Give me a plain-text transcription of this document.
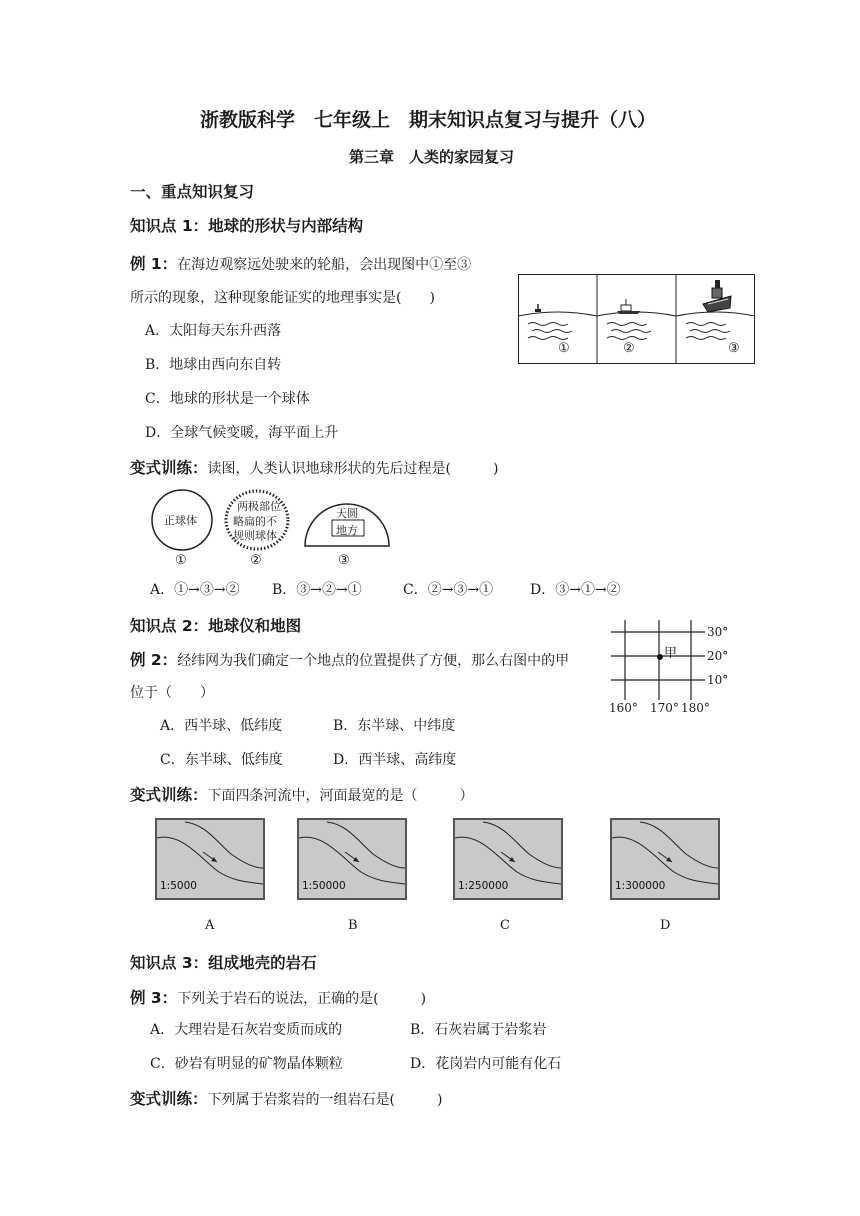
浙教版科学　七年级上　期末知识点复习与提升（八）
第三章　人类的家园复习
一、重点知识复习
知识点 1：地球的形状与内部结构
例 1：在海边观察远处驶来的轮船，会出现图中①至③
所示的现象，这种现象能证实的地理事实是(　　)
A．太阳每天东升西落
B．地球由西向东自转
C．地球的形状是一个球体
D．全球气候变暖，海平面上升
①	②	③
变式训练：读图，人类认识地球形状的先后过程是(　　　)
正球体
两极部位
略扁的不
规则球体
天圆
地方
①	②	③
A．①→③→② B．③→②→①	C．②→③→①	D．③→①→②
知识点 2：地球仪和地图
例 2：经纬网为我们确定一个地点的位置提供了方便，那么右图中的甲
位于（　　）
A．西半球、低纬度	B．东半球、中纬度
C．东半球、低纬度	D．西半球、高纬度
甲
30°
20°
10°
160° 170° 180°
变式训练：下面四条河流中，河面最宽的是（　　　）
1:5000	1:50000	1:250000	1:300000
A	B	C	D
知识点 3：组成地壳的岩石
例 3：下列关于岩石的说法，正确的是(　　　)
A．大理岩是石灰岩变质而成的	B．石灰岩属于岩浆岩
C．砂岩有明显的矿物晶体颗粒	D．花岗岩内可能有化石
变式训练：下列属于岩浆岩的一组岩石是(　　　)
